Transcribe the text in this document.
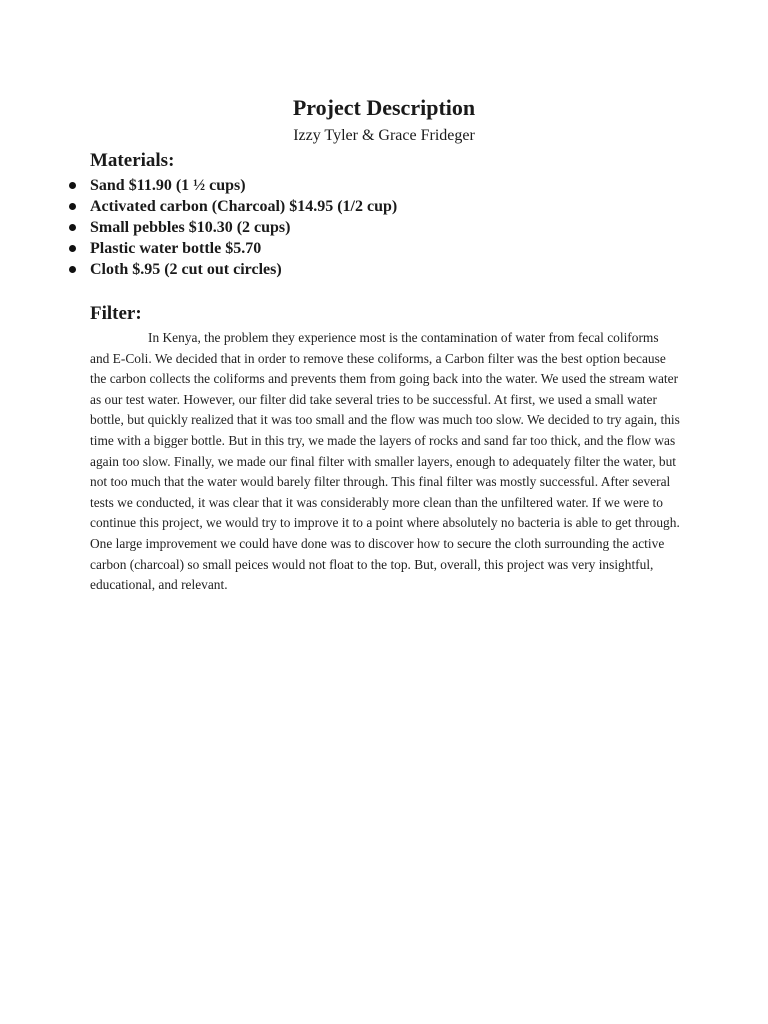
Project Description
Izzy Tyler & Grace Frideger
Materials:
Sand $11.90 (1 ½ cups)
Activated carbon (Charcoal) $14.95 (1/2 cup)
Small pebbles $10.30 (2 cups)
Plastic water bottle $5.70
Cloth $.95 (2 cut out circles)
Filter:

In Kenya, the problem they experience most is the contamination of water from fecal coliforms and E-Coli. We decided that in order to remove these coliforms, a Carbon filter was the best option because the carbon collects the coliforms and prevents them from going back into the water. We used the stream water as our test water. However, our filter did take several tries to be successful. At first, we used a small water bottle, but quickly realized that it was too small and the flow was much too slow. We decided to try again, this time with a bigger bottle. But in this try, we made the layers of rocks and sand far too thick, and the flow was again too slow. Finally, we made our final filter with smaller layers, enough to adequately filter the water, but not too much that the water would barely filter through. This final filter was mostly successful. After several tests we conducted, it was clear that it was considerably more clean than the unfiltered water. If we were to continue this project, we would try to improve it to a point where absolutely no bacteria is able to get through. One large improvement we could have done was to discover how to secure the cloth surrounding the active carbon (charcoal) so small peices would not float to the top. But, overall, this project was very insightful, educational, and relevant.
